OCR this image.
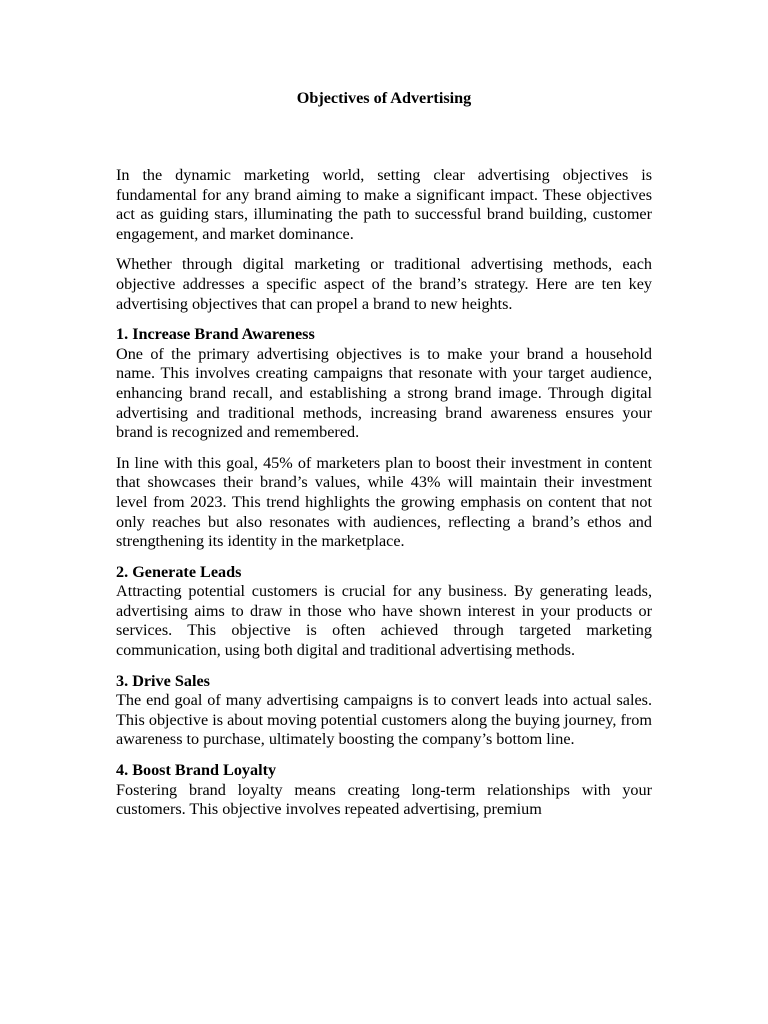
Objectives of Advertising

In the dynamic marketing world, setting clear advertising objectives is fundamental for any brand aiming to make a significant impact. These objectives act as guiding stars, illuminating the path to successful brand building, customer engagement, and market dominance.

Whether through digital marketing or traditional advertising methods, each objective addresses a specific aspect of the brand’s strategy. Here are ten key advertising objectives that can propel a brand to new heights.

1. Increase Brand Awareness

One of the primary advertising objectives is to make your brand a household name. This involves creating campaigns that resonate with your target audience, enhancing brand recall, and establishing a strong brand image. Through digital advertising and traditional methods, increasing brand awareness ensures your brand is recognized and remembered.

In line with this goal, 45% of marketers plan to boost their investment in content that showcases their brand’s values, while 43% will maintain their investment level from 2023. This trend highlights the growing emphasis on content that not only reaches but also resonates with audiences, reflecting a brand’s ethos and strengthening its identity in the marketplace.

2. Generate Leads

Attracting potential customers is crucial for any business. By generating leads, advertising aims to draw in those who have shown interest in your products or services. This objective is often achieved through targeted marketing communication, using both digital and traditional advertising methods.

3. Drive Sales

The end goal of many advertising campaigns is to convert leads into actual sales. This objective is about moving potential customers along the buying journey, from awareness to purchase, ultimately boosting the company’s bottom line.

4. Boost Brand Loyalty

Fostering brand loyalty means creating long-term relationships with your customers. This objective involves repeated advertising, premium
